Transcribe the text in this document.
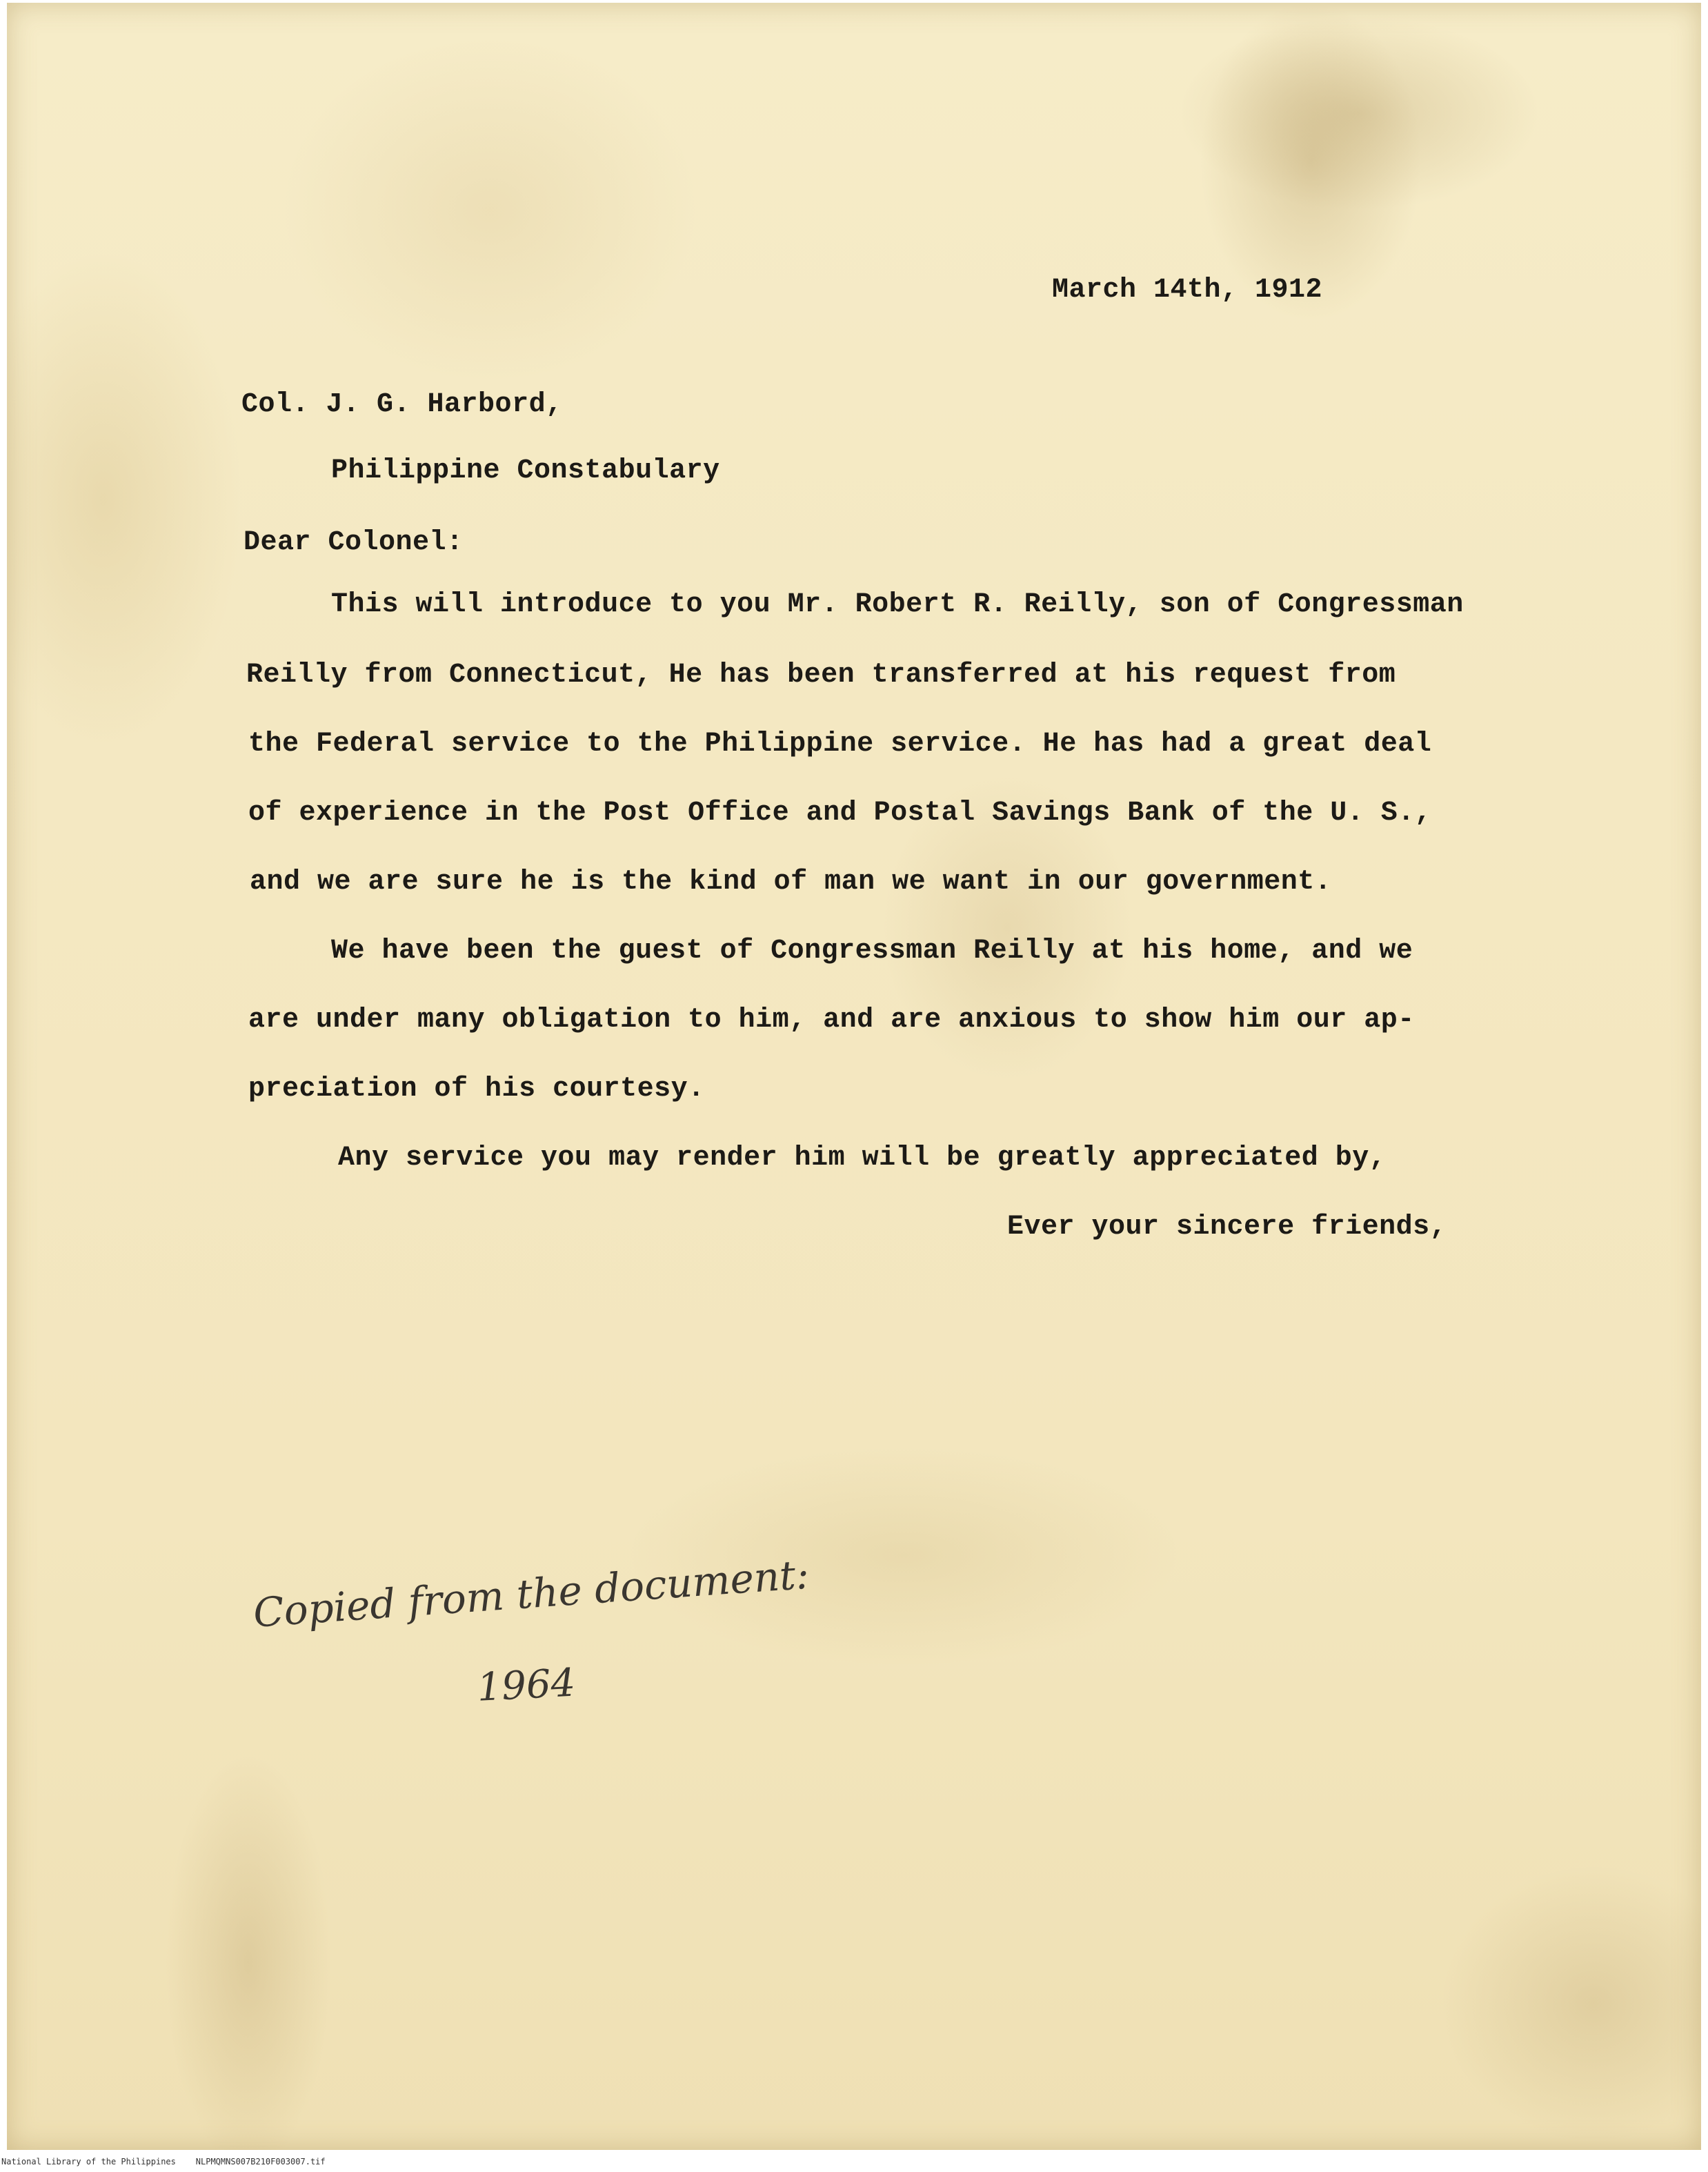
March 14th, 1912
Col. J. G. Harbord,
Philippine Constabulary
Dear Colonel:
This will introduce to you Mr. Robert R. Reilly, son of Congressman
Reilly from Connecticut, He has been transferred at his request from
the Federal service to the Philippine service. He has had a great deal
of experience in the Post Office and Postal Savings Bank of the U. S.,
and we are sure he is the kind of man we want in our government.
We have been the guest of Congressman Reilly at his home, and we
are under many obligation to him, and are anxious to show him our ap-
preciation of his courtesy.
Any service you may render him will be greatly appreciated by,
Ever your sincere friends,
Copied from the document:
1964
National Library of the Philippines NLPMQMNS007B210F003007.tif
